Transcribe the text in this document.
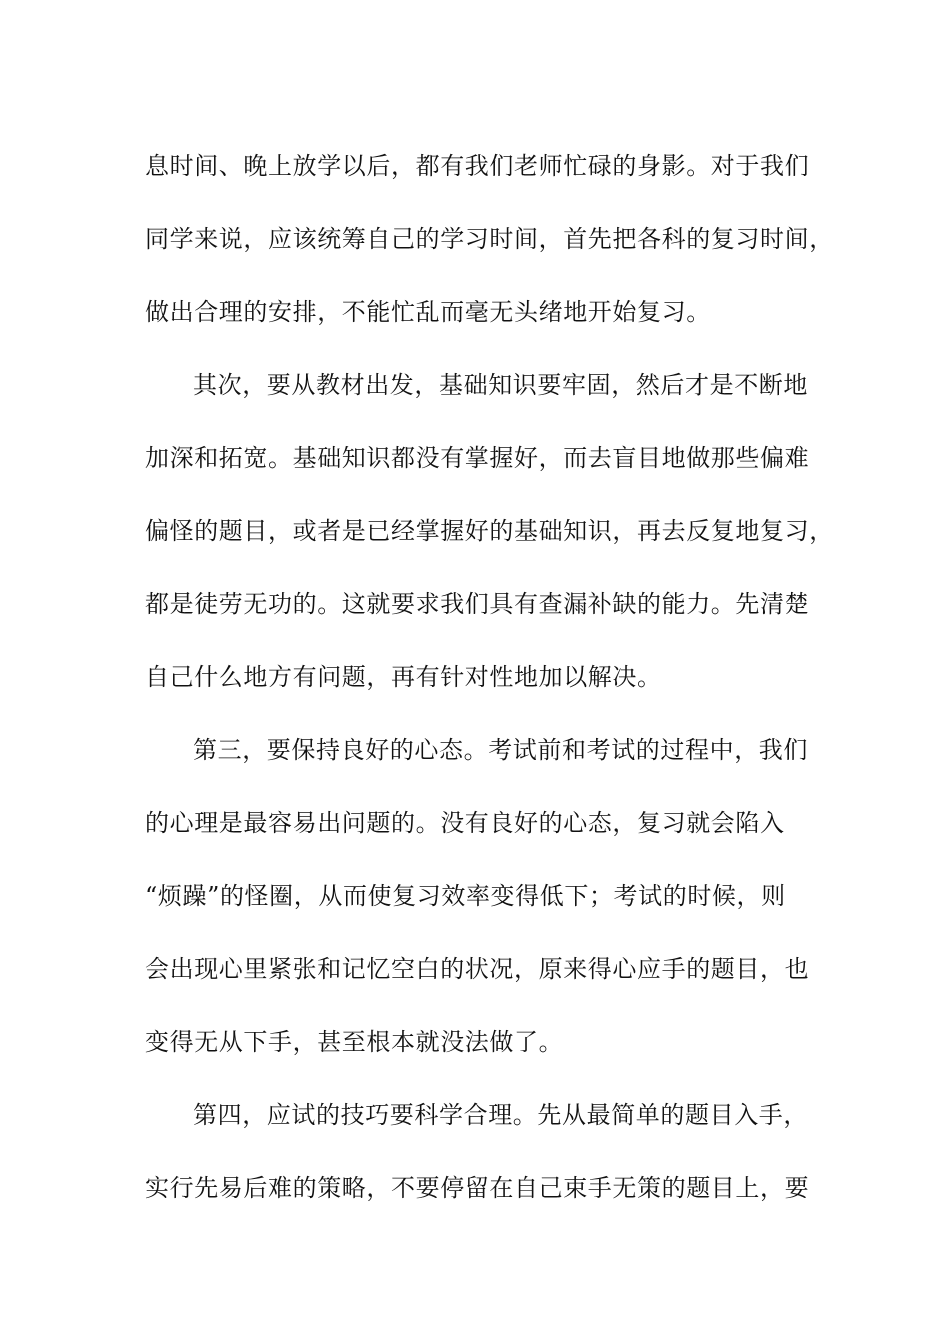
息时间、晚上放学以后，都有我们老师忙碌的身影。对于我们
同学来说，应该统筹自己的学习时间，首先把各科的复习时间，
做出合理的安排，不能忙乱而毫无头绪地开始复习。
其次，要从教材出发，基础知识要牢固，然后才是不断地
加深和拓宽。基础知识都没有掌握好，而去盲目地做那些偏难
偏怪的题目，或者是已经掌握好的基础知识，再去反复地复习，
都是徒劳无功的。这就要求我们具有查漏补缺的能力。先清楚
自己什么地方有问题，再有针对性地加以解决。
第三，要保持良好的心态。考试前和考试的过程中，我们
的心理是最容易出问题的。没有良好的心态，复习就会陷入
“烦躁”的怪圈，从而使复习效率变得低下；考试的时候，则
会出现心里紧张和记忆空白的状况，原来得心应手的题目，也
变得无从下手，甚至根本就没法做了。
第四，应试的技巧要科学合理。先从最简单的题目入手，
实行先易后难的策略，不要停留在自己束手无策的题目上，要
